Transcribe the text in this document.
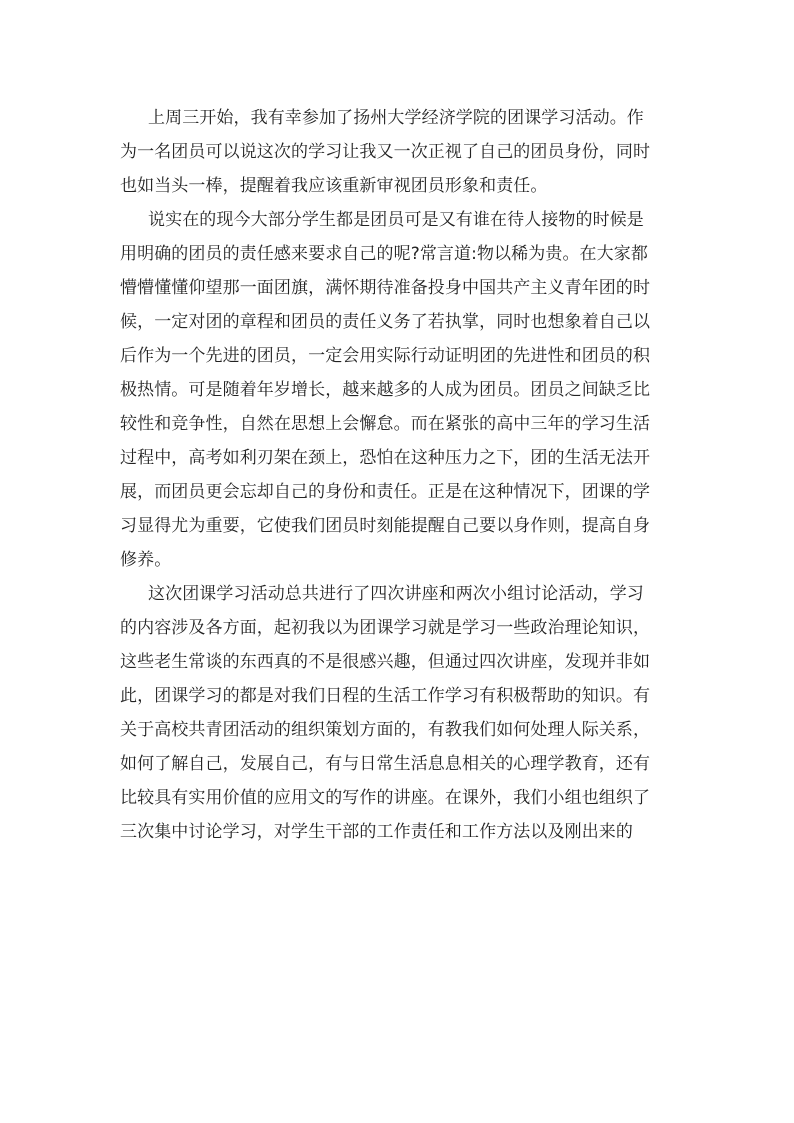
上周三开始，我有幸参加了扬州大学经济学院的团课学习活动。作
为一名团员可以说这次的学习让我又一次正视了自己的团员身份，同时
也如当头一棒，提醒着我应该重新审视团员形象和责任。
说实在的现今大部分学生都是团员可是又有谁在待人接物的时候是
用明确的团员的责任感来要求自己的呢?常言道:物以稀为贵。在大家都
懵懵懂懂仰望那一面团旗，满怀期待准备投身中国共产主义青年团的时
候，一定对团的章程和团员的责任义务了若执掌，同时也想象着自己以
后作为一个先进的团员，一定会用实际行动证明团的先进性和团员的积
极热情。可是随着年岁增长，越来越多的人成为团员。团员之间缺乏比
较性和竞争性，自然在思想上会懈怠。而在紧张的高中三年的学习生活
过程中，高考如利刃架在颈上，恐怕在这种压力之下，团的生活无法开
展，而团员更会忘却自己的身份和责任。正是在这种情况下，团课的学
习显得尤为重要，它使我们团员时刻能提醒自己要以身作则，提高自身
修养。
这次团课学习活动总共进行了四次讲座和两次小组讨论活动，学习
的内容涉及各方面，起初我以为团课学习就是学习一些政治理论知识，
这些老生常谈的东西真的不是很感兴趣，但通过四次讲座，发现并非如
此，团课学习的都是对我们日程的生活工作学习有积极帮助的知识。有
关于高校共青团活动的组织策划方面的，有教我们如何处理人际关系，
如何了解自己，发展自己，有与日常生活息息相关的心理学教育，还有
比较具有实用价值的应用文的写作的讲座。在课外，我们小组也组织了
三次集中讨论学习，对学生干部的工作责任和工作方法以及刚出来的
